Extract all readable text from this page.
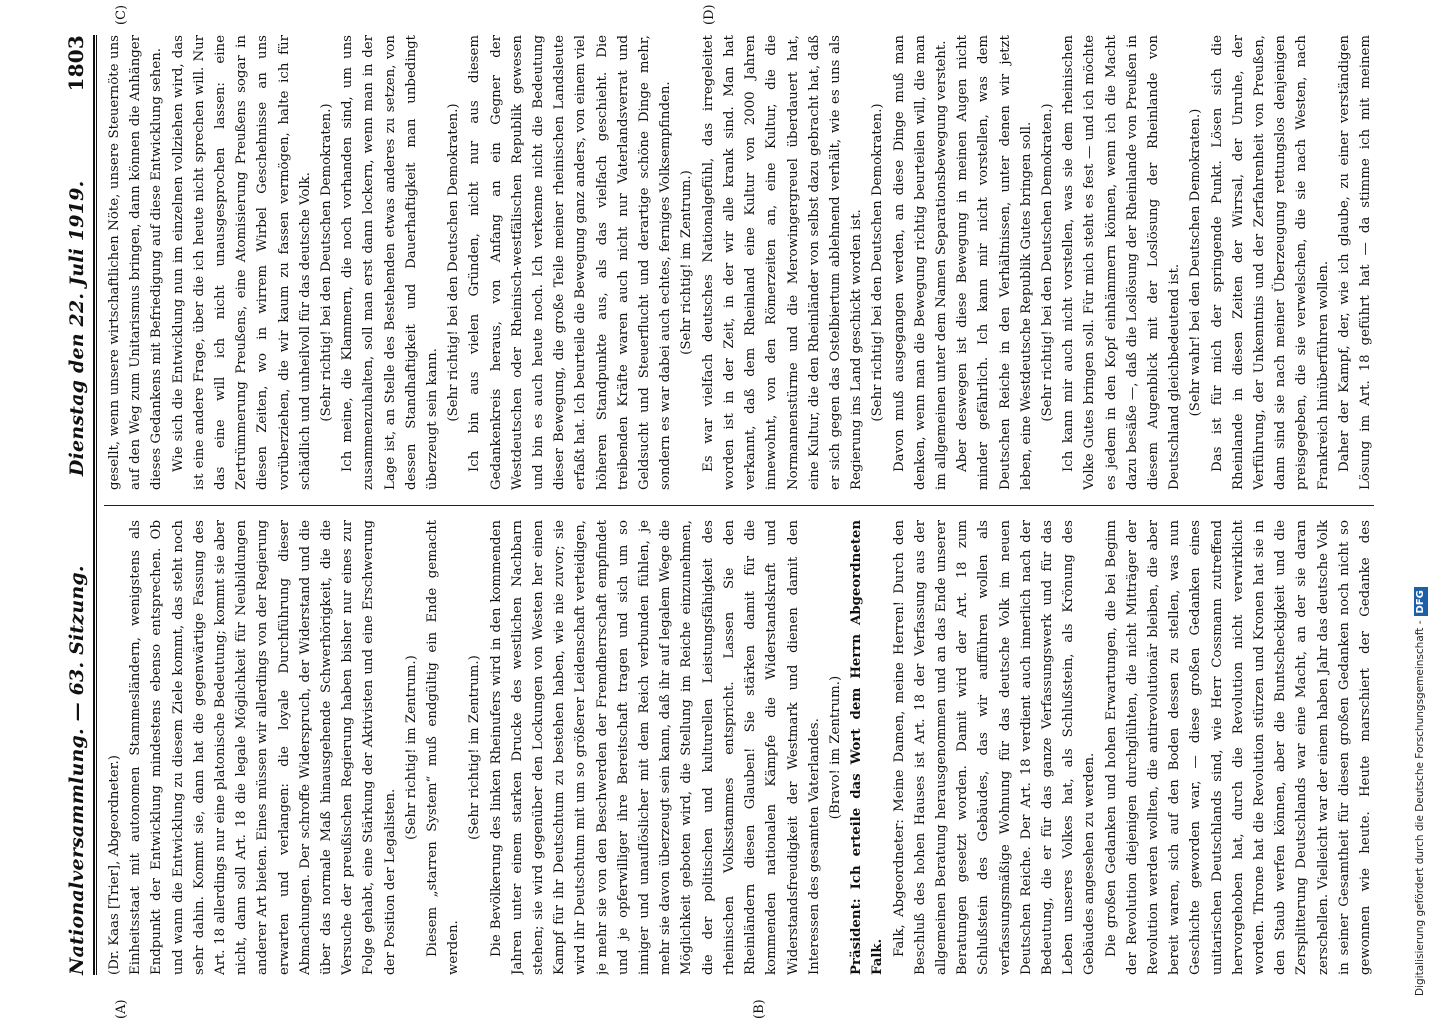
Nationalversammlung. — 63. Sitzung.
Dienstag den 22. Juli 1919.
1803
(A)	(B)
(C)	(D)

(Dr. Kaas [Trier], Abgeordneter.) Einheitsstaat mit autonomen Stammesländern, wenigstens als Endpunkt der Entwicklung mindestens ebenso entsprechen. Ob und wann die Entwicklung zu diesem Ziele kommt, das steht noch sehr dahin. Kommt sie, dann hat die gegenwärtige Fassung des Art. 18 allerdings nur eine platonische Bedeutung; kommt sie aber nicht, dann soll Art. 18 die legale Möglichkeit für Neubildungen anderer Art bieten. Eines müssen wir allerdings von der Regierung erwarten und verlangen: die loyale Durchführung dieser Abmachungen. Der schroffe Widerspruch, der Widerstand und die über das normale Maß hinausgehende Schwerhörigkeit, die die Versuche der preußischen Regierung haben bisher nur eines zur Folge gehabt, eine Stärkung der Aktivisten und eine Erschwerung der Position der Legalisten.

(Sehr richtig! im Zentrum.) Diesem „starren System“ muß endgültig ein Ende gemacht werden.

(Sehr richtig! im Zentrum.) Die Bevölkerung des linken Rheinufers wird in den kommenden Jahren unter einem starken Drucke des westlichen Nachbarn stehen; sie wird gegenüber den Lockungen von Westen her einen Kampf für ihr Deutschtum zu bestehen haben, wie nie zuvor; sie wird ihr Deutschtum mit um so größerer Leidenschaft verteidigen, je mehr sie von den Beschwerden der Fremdherrschaft empfindet und je opferwilliger ihre Bereitschaft tragen und sich um so inniger und unauflöslicher mit dem Reich verbunden fühlen, je mehr sie davon überzeugt sein kann, daß ihr auf legalem Wege die Möglichkeit geboten wird, die Stellung im Reiche einzunehmen, die der politischen und kulturellen Leistungsfähigkeit des rheinischen Volksstammes entspricht. Lassen Sie den Rheinländern diesen Glauben! Sie stärken damit für die kommenden nationalen Kämpfe die Widerstandskraft und Widerstandsfreudigkeit der Westmark und dienen damit den Interessen des gesamten Vaterlandes. (Bravo! im Zentrum.) Präsident: Ich erteile das Wort dem Herrn Abgeordneten Falk. Falk, Abgeordneter: Meine Damen, meine Herren! Durch den Beschluß des hohen Hauses ist Art. 18 der Verfassung aus der allgemeinen Beratung herausgenommen und an das Ende unserer Beratungen gesetzt worden. Damit wird der Art. 18 zum Schlußstein des Gebäudes, das wir aufführen wollen als verfassungsmäßige Wohnung für das deutsche Volk im neuen Deutschen Reiche. Der Art. 18 verdient auch innerlich nach der Bedeutung, die er für das ganze Verfassungswerk und für das Leben unseres Volkes hat, als Schlußstein, als Krönung des Gebäudes angesehen zu werden. Die großen Gedanken und hohen Erwartungen, die bei Beginn der Revolution diejenigen durchglühten, die nicht Mitträger der Revolution werden wollten, die antirevolutionär bleiben, die aber bereit waren, sich auf den Boden dessen zu stellen, was nun Geschichte geworden war, — diese großen Gedanken eines unitarischen Deutschlands sind, wie Herr Cossmann zutreffend hervorgehoben hat, durch die Revolution nicht verwirklicht worden. Throne hat die Revolution stürzen und Kronen hat sie in den Staub werfen können, aber die Buntscheckigkeit und die Zersplitterung Deutschlands war eine Macht, an der sie daran zerschellen. Vielleicht war der einem haben Jahr das deutsche Volk in seiner Gesamtheit für diesen großen Gedanken noch nicht so gewonnen wie heute. Heute marschiert der Gedanke des

gesellt, wenn unsere wirtschaftlichen Nöte, unsere Steuernöte uns auf den Weg zum Unitarismus bringen, dann können die Anhänger dieses Gedankens mit Befriedigung auf diese Entwicklung sehen. Wie sich die Entwicklung nun im einzelnen vollziehen wird, das ist eine andere Frage, über die ich heute nicht sprechen will. Nur das eine will ich nicht unausgesprochen lassen: eine Zertrümmerung Preußens, eine Atomisierung Preußens sogar in diesen Zeiten, wo in wirrem Wirbel Geschehnisse an uns vorüberziehen, die wir kaum zu fassen vermögen, halte ich für schädlich und unheilvoll für das deutsche Volk. (Sehr richtig! bei den Deutschen Demokraten.) Ich meine, die Klammern, die noch vorhanden sind, um uns zusammenzuhalten, soll man erst dann lockern, wenn man in der Lage ist, an Stelle des Bestehenden etwas anderes zu setzen, von dessen Standhaftigkeit und Dauerhaftigkeit man unbedingt überzeugt sein kann. (Sehr richtig! bei den Deutschen Demokraten.) Ich bin aus vielen Gründen, nicht nur aus diesem Gedankenkreis heraus, von Anfang an ein Gegner der Westdeutschen oder Rheinisch-westfälischen Republik gewesen und bin es auch heute noch. Ich verkenne nicht die Bedeutung dieser Bewegung, die große Teile meiner rheinischen Landsleute erfaßt hat. Ich beurteile die Bewegung ganz anders, von einem viel höheren Standpunkte aus, als das vielfach geschieht. Die treibenden Kräfte waren auch nicht nur Vaterlandsverrat und Geldsucht und Steuerflucht und derartige schöne Dinge mehr, sondern es war dabei auch echtes, ferniges Volksempfinden. (Sehr richtig! im Zentrum.) Es war vielfach deutsches Nationalgefühl, das irregeleitet worden ist in der Zeit, in der wir alle krank sind. Man hat verkannt, daß dem Rheinland eine Kultur von 2000 Jahren innewohnt, von den Römerzeiten an, eine Kultur, die die Normannenstürme und die Merowingergreuel überdauert hat, eine Kultur, die den Rheinländer von selbst dazu gebracht hat, daß er sich gegen das Ostelbiertum ablehnend verhält, wie es uns als Regierung ins Land geschickt worden ist. (Sehr richtig! bei den Deutschen Demokraten.) Davon muß ausgegangen werden, an diese Dinge muß man denken, wenn man die Bewegung richtig beurteilen will, die man im allgemeinen unter dem Namen Separationsbewegung versteht. Aber deswegen ist diese Bewegung in meinen Augen nicht minder gefährlich. Ich kann mir nicht vorstellen, was dem Deutschen Reiche in den Verhältnissen, unter denen wir jetzt leben, eine Westdeutsche Republik Gutes bringen soll. (Sehr richtig! bei den Deutschen Demokraten.) Ich kann mir auch nicht vorstellen, was sie dem rheinischen Volke Gutes bringen soll. Für mich steht es fest — und ich möchte es jedem in den Kopf einhämmern können, wenn ich die Macht dazu besäße —, daß die Loslösung der Rheinlande von Preußen in diesem Augenblick mit der Loslösung der Rheinlande von Deutschland gleichbedeutend ist. (Sehr wahr! bei den Deutschen Demokraten.) Das ist für mich der springende Punkt. Lösen sich die Rheinlande in diesen Zeiten der Wirrsal, der Unruhe, der Verführung, der Unkenntnis und der Zerfahrenheit von Preußen, dann sind sie nach meiner Überzeugung rettungslos denjenigen preisgegeben, die sie verwelschen, die sie nach Westen, nach Frankreich hinüberführen wollen. Daher der Kampf, der, wie ich glaube, zu einer verständigen Lösung im Art. 18 geführt hat — da stimme ich mit meinem

Digitalisierung gefördert durch die Deutsche Forschungsgemeinschaft -DFG
